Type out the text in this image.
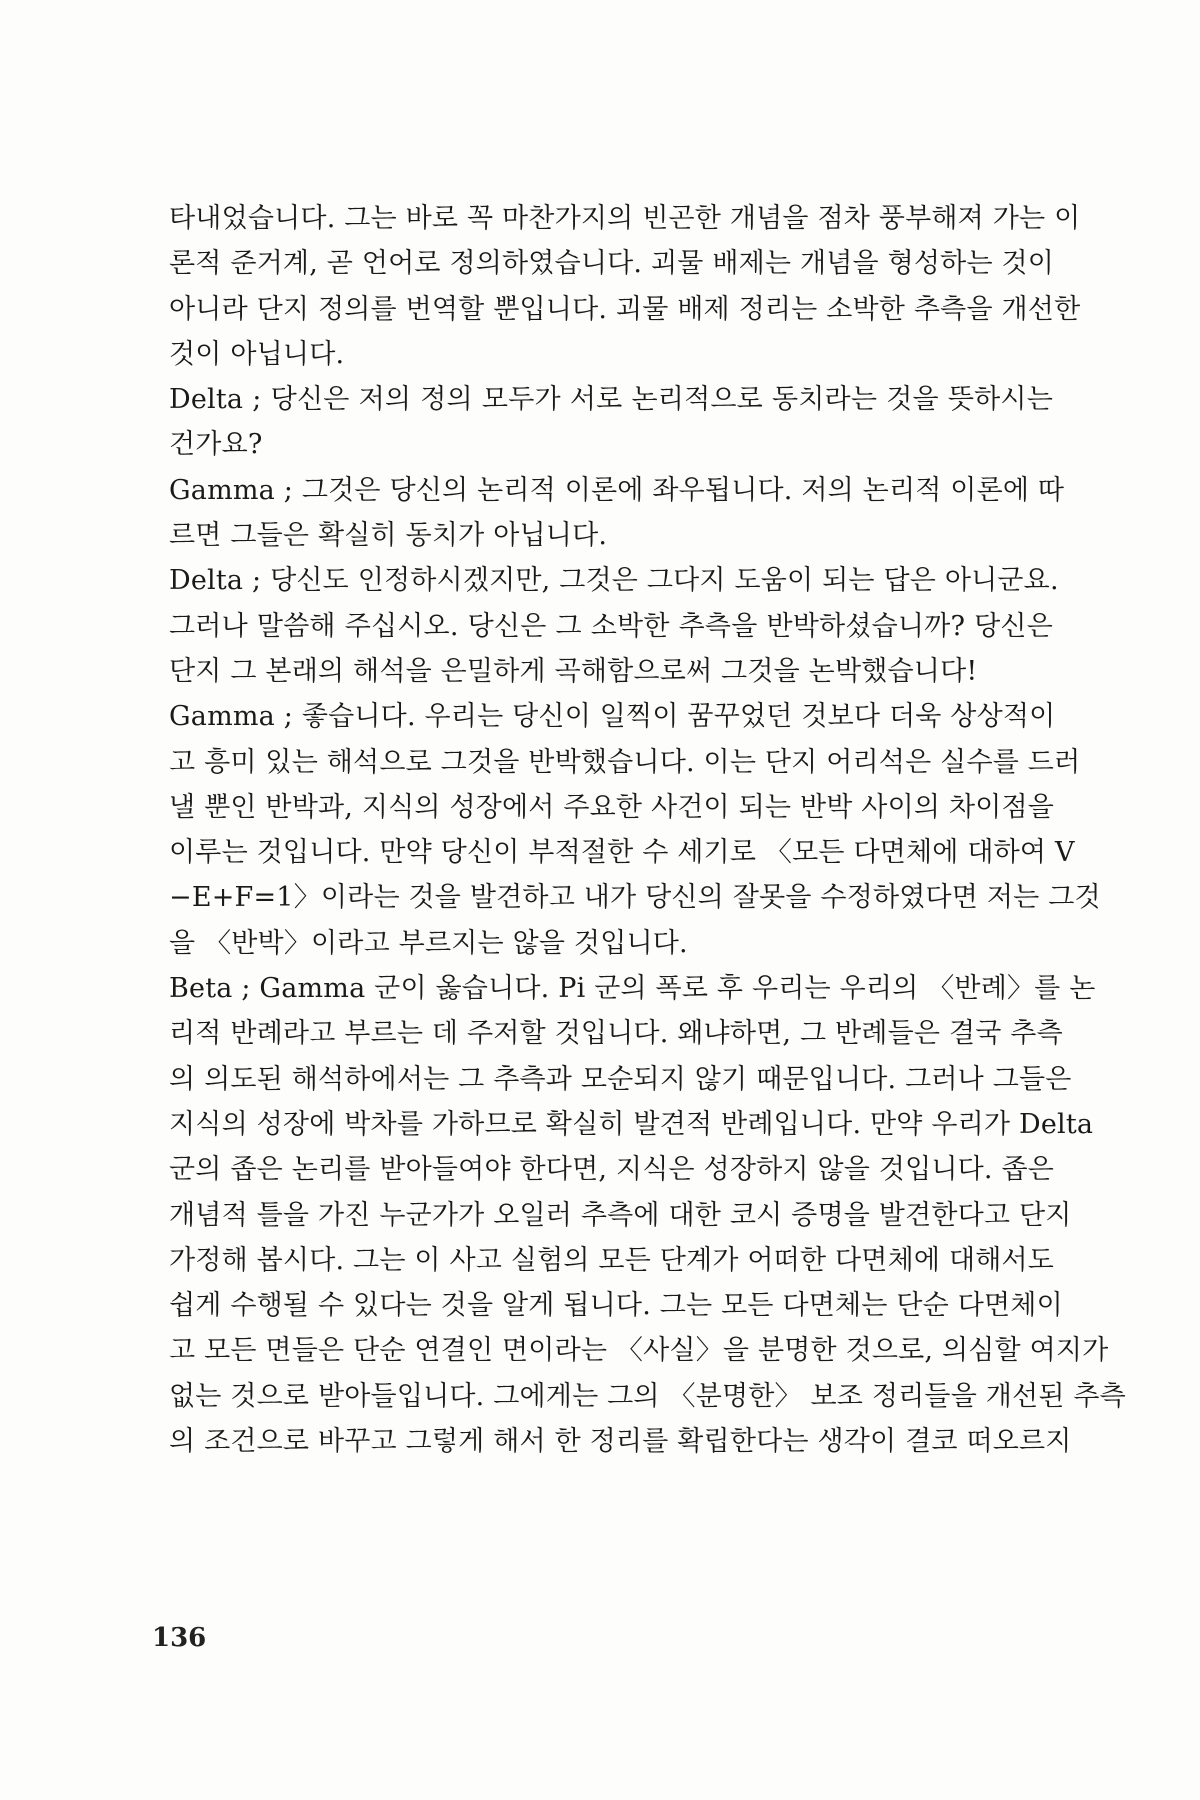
타내었습니다. 그는 바로 꼭 마찬가지의 빈곤한 개념을 점차 풍부해져 가는 이
론적 준거계, 곧 언어로 정의하였습니다. 괴물 배제는 개념을 형성하는 것이
아니라 단지 정의를 번역할 뿐입니다. 괴물 배제 정리는 소박한 추측을 개선한
것이 아닙니다.
Delta ; 당신은 저의 정의 모두가 서로 논리적으로 동치라는 것을 뜻하시는
건가요?
Gamma ; 그것은 당신의 논리적 이론에 좌우됩니다. 저의 논리적 이론에 따
르면 그들은 확실히 동치가 아닙니다.
Delta ; 당신도 인정하시겠지만, 그것은 그다지 도움이 되는 답은 아니군요.
그러나 말씀해 주십시오. 당신은 그 소박한 추측을 반박하셨습니까? 당신은
단지 그 본래의 해석을 은밀하게 곡해함으로써 그것을 논박했습니다!
Gamma ; 좋습니다. 우리는 당신이 일찍이 꿈꾸었던 것보다 더욱 상상적이
고 흥미 있는 해석으로 그것을 반박했습니다. 이는 단지 어리석은 실수를 드러
낼 뿐인 반박과, 지식의 성장에서 주요한 사건이 되는 반박 사이의 차이점을
이루는 것입니다. 만약 당신이 부적절한 수 세기로 〈모든 다면체에 대하여 V
−E+F=1〉이라는 것을 발견하고 내가 당신의 잘못을 수정하였다면 저는 그것
을 〈반박〉이라고 부르지는 않을 것입니다.
Beta ; Gamma 군이 옳습니다. Pi 군의 폭로 후 우리는 우리의 〈반례〉를 논
리적 반례라고 부르는 데 주저할 것입니다. 왜냐하면, 그 반례들은 결국 추측
의 의도된 해석하에서는 그 추측과 모순되지 않기 때문입니다. 그러나 그들은
지식의 성장에 박차를 가하므로 확실히 발견적 반례입니다. 만약 우리가 Delta
군의 좁은 논리를 받아들여야 한다면, 지식은 성장하지 않을 것입니다. 좁은
개념적 틀을 가진 누군가가 오일러 추측에 대한 코시 증명을 발견한다고 단지
가정해 봅시다. 그는 이 사고 실험의 모든 단계가 어떠한 다면체에 대해서도
쉽게 수행될 수 있다는 것을 알게 됩니다. 그는 모든 다면체는 단순 다면체이
고 모든 면들은 단순 연결인 면이라는 〈사실〉을 분명한 것으로, 의심할 여지가
없는 것으로 받아들입니다. 그에게는 그의 〈분명한〉 보조 정리들을 개선된 추측
의 조건으로 바꾸고 그렇게 해서 한 정리를 확립한다는 생각이 결코 떠오르지
136
